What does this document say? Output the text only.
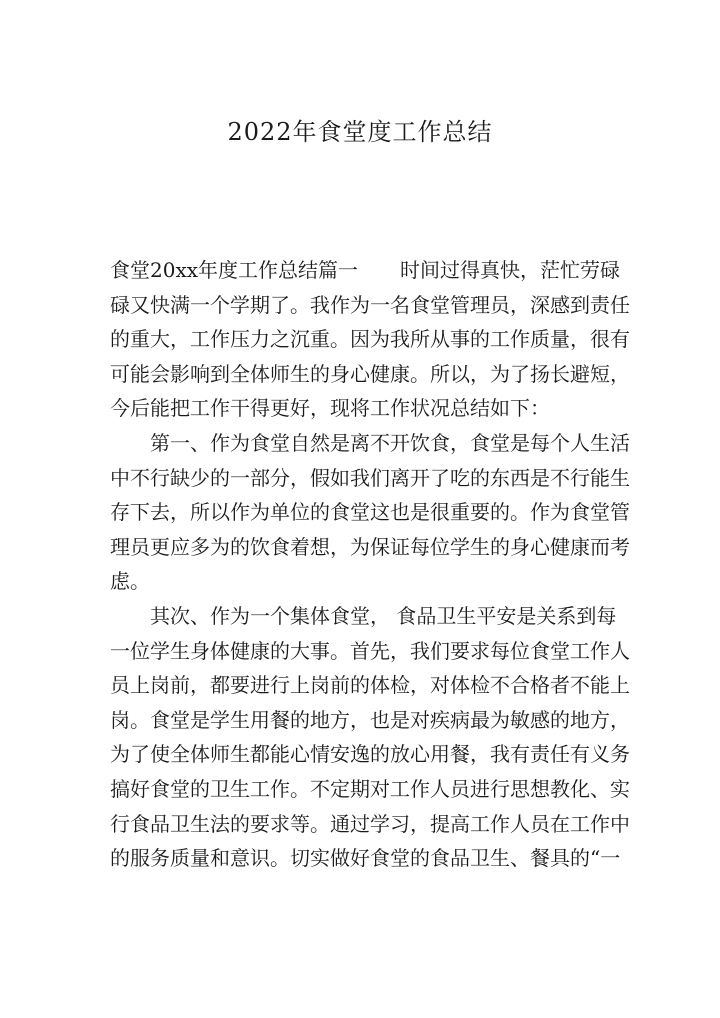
2022年食堂度工作总结

食堂20xx年度工作总结篇一 时间过得真快，茫忙劳碌
碌又快满一个学期了。我作为一名食堂管理员，深感到责任
的重大，工作压力之沉重。因为我所从事的工作质量，很有
可能会影响到全体师生的身心健康。所以，为了扬长避短，
今后能把工作干得更好，现将工作状况总结如下：

第一、作为食堂自然是离不开饮食，食堂是每个人生活
中不行缺少的一部分，假如我们离开了吃的东西是不行能生
存下去，所以作为单位的食堂这也是很重要的。作为食堂管
理员更应多为的饮食着想，为保证每位学生的身心健康而考
虑。

其次、作为一个集体食堂， 食品卫生平安是关系到每
一位学生身体健康的大事。首先，我们要求每位食堂工作人
员上岗前，都要进行上岗前的体检，对体检不合格者不能上
岗。食堂是学生用餐的地方，也是对疾病最为敏感的地方，
为了使全体师生都能心情安逸的放心用餐，我有责任有义务
搞好食堂的卫生工作。不定期对工作人员进行思想教化、实
行食品卫生法的要求等。通过学习，提高工作人员在工作中
的服务质量和意识。切实做好食堂的食品卫生、餐具的“一
